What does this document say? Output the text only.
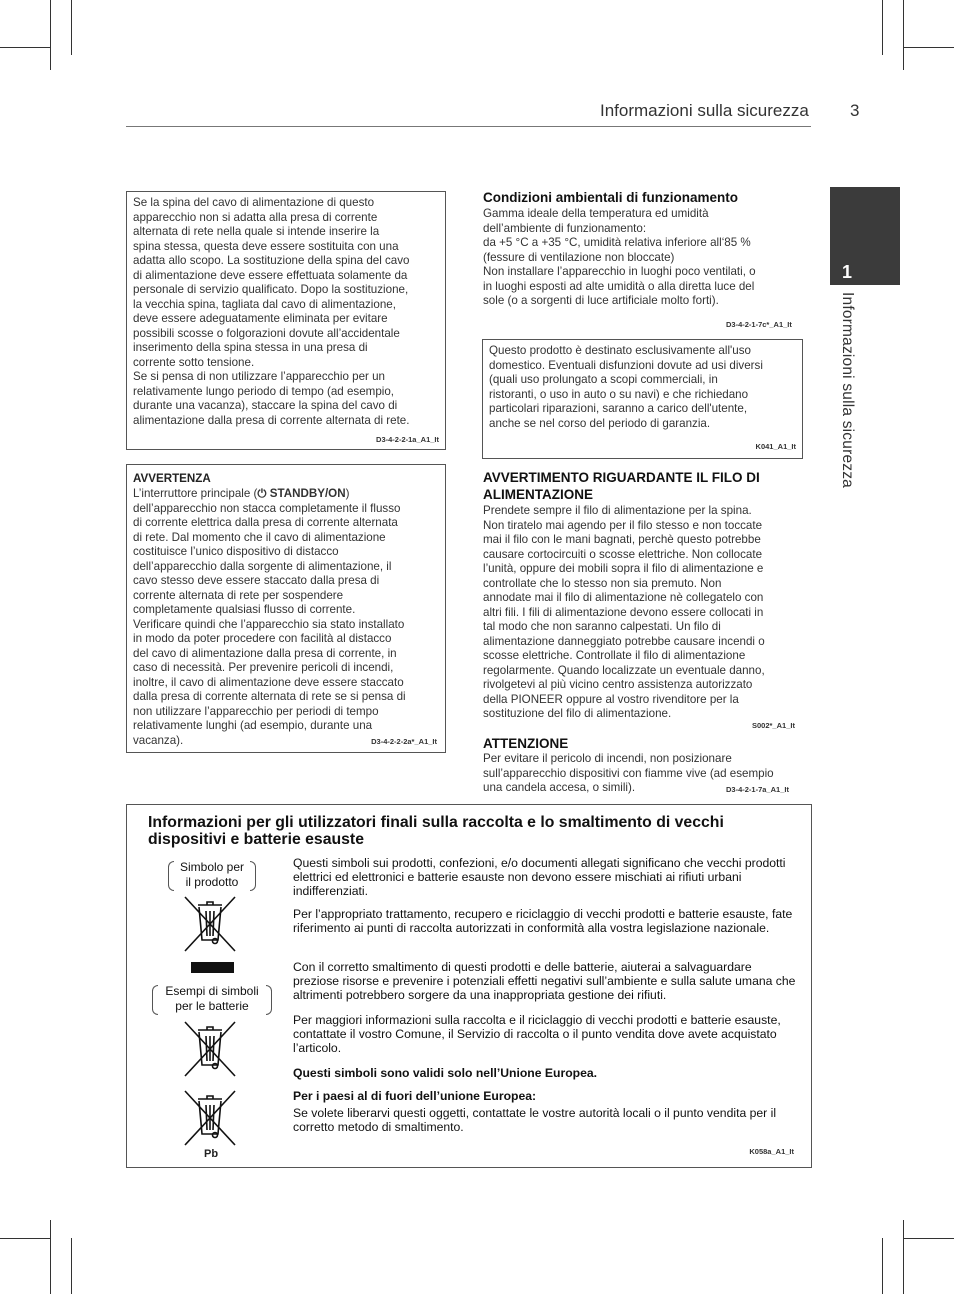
Informazioni sulla sicurezza 3
1
Informazioni sulla sicurezza
Se la spina del cavo di alimentazione di questo
apparecchio non si adatta alla presa di corrente
alternata di rete nella quale si intende inserire la
spina stessa, questa deve essere sostituita con una
adatta allo scopo. La sostituzione della spina del cavo
di alimentazione deve essere effettuata solamente da
personale di servizio qualificato. Dopo la sostituzione,
la vecchia spina, tagliata dal cavo di alimentazione,
deve essere adeguatamente eliminata per evitare
possibili scosse o folgorazioni dovute all’accidentale
inserimento della spina stessa in una presa di
corrente sotto tensione.
Se si pensa di non utilizzare l’apparecchio per un
relativamente lungo periodo di tempo (ad esempio,
durante una vacanza), staccare la spina del cavo di
alimentazione dalla presa di corrente alternata di rete.
D3-4-2-2-1a_A1_It
AVVERTENZA
L’interruttore principale (⏻ STANDBY/ON)
dell’apparecchio non stacca completamente il flusso
di corrente elettrica dalla presa di corrente alternata
di rete. Dal momento che il cavo di alimentazione
costituisce l’unico dispositivo di distacco
dell’apparecchio dalla sorgente di alimentazione, il
cavo stesso deve essere staccato dalla presa di
corrente alternata di rete per sospendere
completamente qualsiasi flusso di corrente.
Verificare quindi che l’apparecchio sia stato installato
in modo da poter procedere con facilità al distacco
del cavo di alimentazione dalla presa di corrente, in
caso di necessità. Per prevenire pericoli di incendi,
inoltre, il cavo di alimentazione deve essere staccato
dalla presa di corrente alternata di rete se si pensa di
non utilizzare l’apparecchio per periodi di tempo
relativamente lunghi (ad esempio, durante una
vacanza).	D3-4-2-2-2a*_A1_It
Condizioni ambientali di funzionamento
Gamma ideale della temperatura ed umidità
dell’ambiente di funzionamento:
da +5 °C a +35 °C, umidità relativa inferiore all‘85 %
(fessure di ventilazione non bloccate)
Non installare l’apparecchio in luoghi poco ventilati, o
in luoghi esposti ad alte umidità o alla diretta luce del
sole (o a sorgenti di luce artificiale molto forti).
D3-4-2-1-7c*_A1_It
Questo prodotto è destinato esclusivamente all'uso
domestico. Eventuali disfunzioni dovute ad usi diversi
(quali uso prolungato a scopi commerciali, in
ristoranti, o uso in auto o su navi) e che richiedano
particolari riparazioni, saranno a carico dell'utente,
anche se nel corso del periodo di garanzia.
K041_A1_It
AVVERTIMENTO RIGUARDANTE IL FILO DI ALIMENTAZIONE
Prendete sempre il filo di alimentazione per la spina.
Non tiratelo mai agendo per il filo stesso e non toccate
mai il filo con le mani bagnati, perchè questo potrebbe
causare cortocircuiti o scosse elettriche. Non collocate
l’unità, oppure dei mobili sopra il filo di alimentazione e
controllate che lo stesso non sia premuto. Non
annodate mai il filo di alimentazione nè collegatelo con
altri fili. I fili di alimentazione devono essere collocati in
tal modo che non saranno calpestati. Un filo di
alimentazione danneggiato potrebbe causare incendi o
scosse elettriche. Controllate il filo di alimentazione
regolarmente. Quando localizzate un eventuale danno,
rivolgetevi al più vicino centro assistenza autorizzato
della PIONEER oppure al vostro rivenditore per la
sostituzione del filo di alimentazione.
S002*_A1_It
ATTENZIONE
Per evitare il pericolo di incendi, non posizionare
sull’apparecchio dispositivi con fiamme vive (ad esempio
una candela accesa, o simili).	D3-4-2-1-7a_A1_It
Informazioni per gli utilizzatori finali sulla raccolta e lo smaltimento di vecchi dispositivi e batterie esauste
Simbolo per
il prodotto
Esempi di simboli
per le batterie
Pb
Questi simboli sui prodotti, confezioni, e/o documenti allegati significano che vecchi prodotti elettrici ed elettronici e batterie esauste non devono essere mischiati ai rifiuti urbani indifferenziati.
Per l’appropriato trattamento, recupero e riciclaggio di vecchi prodotti e batterie esauste, fate riferimento ai punti di raccolta autorizzati in conformità alla vostra legislazione nazionale.
Con il corretto smaltimento di questi prodotti e delle batterie, aiuterai a salvaguardare preziose risorse e prevenire i potenziali effetti negativi sull’ambiente e sulla salute umana che altrimenti potrebbero sorgere da una inappropriata gestione dei rifiuti.
Per maggiori informazioni sulla raccolta e il riciclaggio di vecchi prodotti e batterie esauste, contattate il vostro Comune, il Servizio di raccolta o il punto vendita dove avete acquistato l’articolo.
Questi simboli sono validi solo nell’Unione Europea.
Per i paesi al di fuori dell’unione Europea:
Se volete liberarvi questi oggetti, contattate le vostre autorità locali o il punto vendita per il corretto metodo di smaltimento.
K058a_A1_It
